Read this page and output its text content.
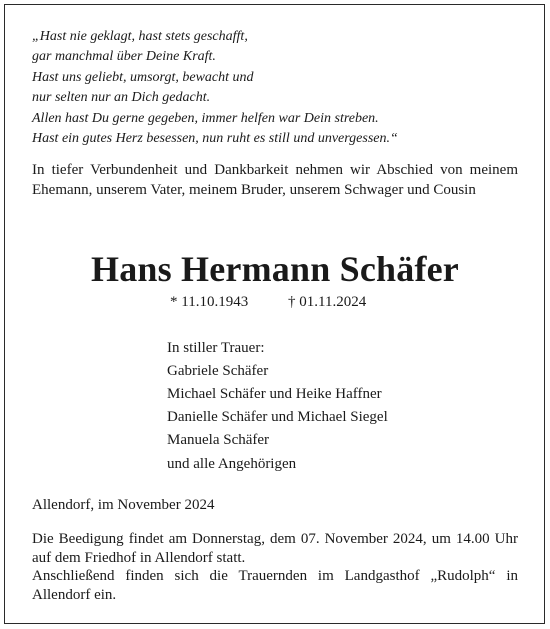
„Hast nie geklagt, hast stets geschafft,
gar manchmal über Deine Kraft.
Hast uns geliebt, umsorgt, bewacht und
nur selten nur an Dich gedacht.
Allen hast Du gerne gegeben, immer helfen war Dein streben.
Hast ein gutes Herz besessen, nun ruht es still und unvergessen.“
In tiefer Verbundenheit und Dankbarkeit nehmen wir Abschied von meinem Ehemann, unserem Vater, meinem Bruder, unserem Schwager und Cousin
Hans Hermann Schäfer
* 11.10.1943	† 01.11.2024
In stiller Trauer:
Gabriele Schäfer
Michael Schäfer und Heike Haffner
Danielle Schäfer und Michael Siegel
Manuela Schäfer
und alle Angehörigen
Allendorf, im November 2024
Die Beedigung findet am Donnerstag, dem 07. November 2024, um 14.00 Uhr auf dem Friedhof in Allendorf statt.
Anschließend finden sich die Trauernden im Landgasthof „Rudolph“ in Allendorf ein.
